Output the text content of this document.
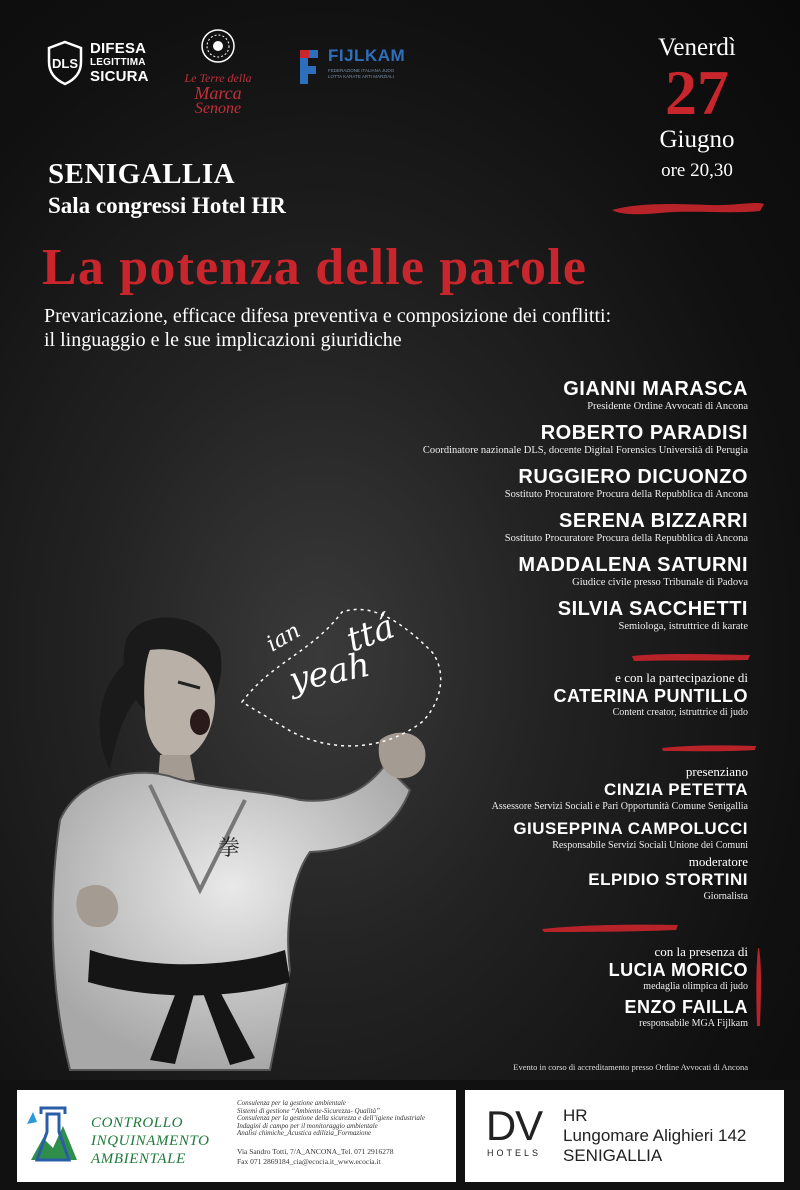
DLS
DIFESA
LEGITTIMA
SICURA	Le Terre della
Marca
Senone
FIJLKAM
FEDERAZIONE ITALIANA JUDO LOTTA KARATE ARTI MARZIALI
Venerdì
27
Giugno
ore 20,30
SENIGALLIA
Sala congressi Hotel HR
La potenza delle parole
Prevaricazione, efficace difesa preventiva e composizione dei conflitti:
il linguaggio e le sue implicazioni giuridiche
GIANNI MARASCA
Presidente Ordine Avvocati di Ancona
ROBERTO PARADISI
Coordinatore nazionale DLS, docente Digital Forensics Università di Perugia
RUGGIERO DICUONZO
Sostituto Procuratore Procura della Repubblica di Ancona
SERENA BIZZARRI
Sostituto Procuratore Procura della Repubblica di Ancona
MADDALENA SATURNI
Giudice civile presso Tribunale di Padova
SILVIA SACCHETTI
Semiologa, istruttrice di karate
e con la partecipazione di
CATERINA PUNTILLO
Content creator, istruttrice di judo
presenziano
CINZIA PETETTA
Assessore Servizi Sociali e Pari Opportunità Comune Senigallia
GIUSEPPINA CAMPOLUCCI
Responsabile Servizi Sociali Unione dei Comuni
moderatore
ELPIDIO STORTINI
Giornalista
con la presenza di
LUCIA MORICO
medaglia olimpica di judo
ENZO FAILLA
responsabile MGA Fijlkam
Evento in corso di accreditamento presso Ordine Avvocati di Ancona
拳
yeah
ttá
ian
CONTROLLO
INQUINAMENTO
AMBIENTALE
Consulenza per la gestione ambientale
Sistemi di gestione “Ambiente-Sicurezza- Qualità”
Consulenza per la gestione della sicurezza e dell’igiene industriale
Indagini di campo per il monitoraggio ambientale
Analisi chimiche_Acustica edilizia_Formazione
Via Sandro Totti, 7/A_ANCONA_Tel. 071 2916278
Fax 071 2869184_cia@ecocia.it_www.ecocia.it
DV
HOTELS
HR
Lungomare Alighieri 142
SENIGALLIA
